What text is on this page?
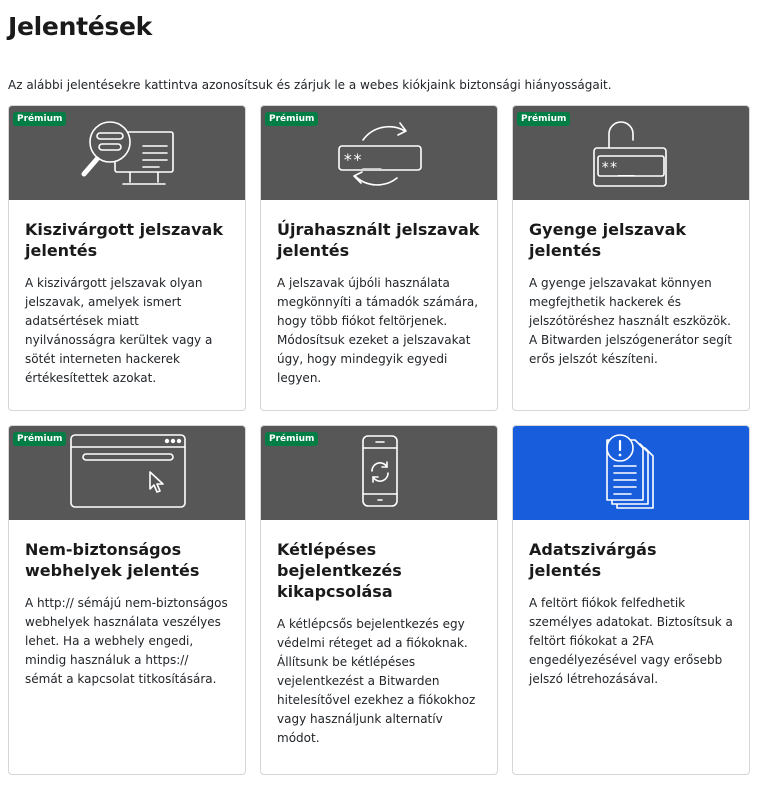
Jelentések

Az alábbi jelentésekre kattintva azonosítsuk és zárjuk le a webes kiókjaink biztonsági hiányosságait.

Prémium
Kiszivárgott jelszavak jelentés
A kiszivárgott jelszavak olyan jelszavak, amelyek ismert adatsértések miatt nyilvánosságra kerültek vagy a sötét interneten hackerek értékesítettek azokat.
**__
Prémium
Újrahasznált jelszavak jelentés
A jelszavak újbóli használata megkönnyíti a támadók számára, hogy több fiókot feltörjenek. Módosítsuk ezeket a jelszavakat úgy, hogy mindegyik egyedi legyen.
**__
Prémium
Gyenge jelszavak jelentés
A gyenge jelszavakat könnyen megfejthetik hackerek és jelszótöréshez használt eszközök. A Bitwarden jelszógenerátor segít erős jelszót készíteni.
Prémium
Nem-biztonságos webhelyek jelentés
A http:// sémájú nem-biztonságos webhelyek használata veszélyes lehet. Ha a webhely engedi, mindig használuk a https:// sémát a kapcsolat titkosítására.
Prémium
Kétlépéses bejelentkezés kikapcsolása
A kétlépcsős bejelentkezés egy védelmi réteget ad a fiókoknak. Állítsunk be kétlépéses vejelentkezést a Bitwarden hitelesítővel ezekhez a fiókokhoz vagy használjunk alternatív módot.
Adatszivárgás jelentés
A feltört fiókok felfedhetik személyes adatokat. Biztosítsuk a feltört fiókokat a 2FA engedélyezésével vagy erősebb jelszó létrehozásával.
